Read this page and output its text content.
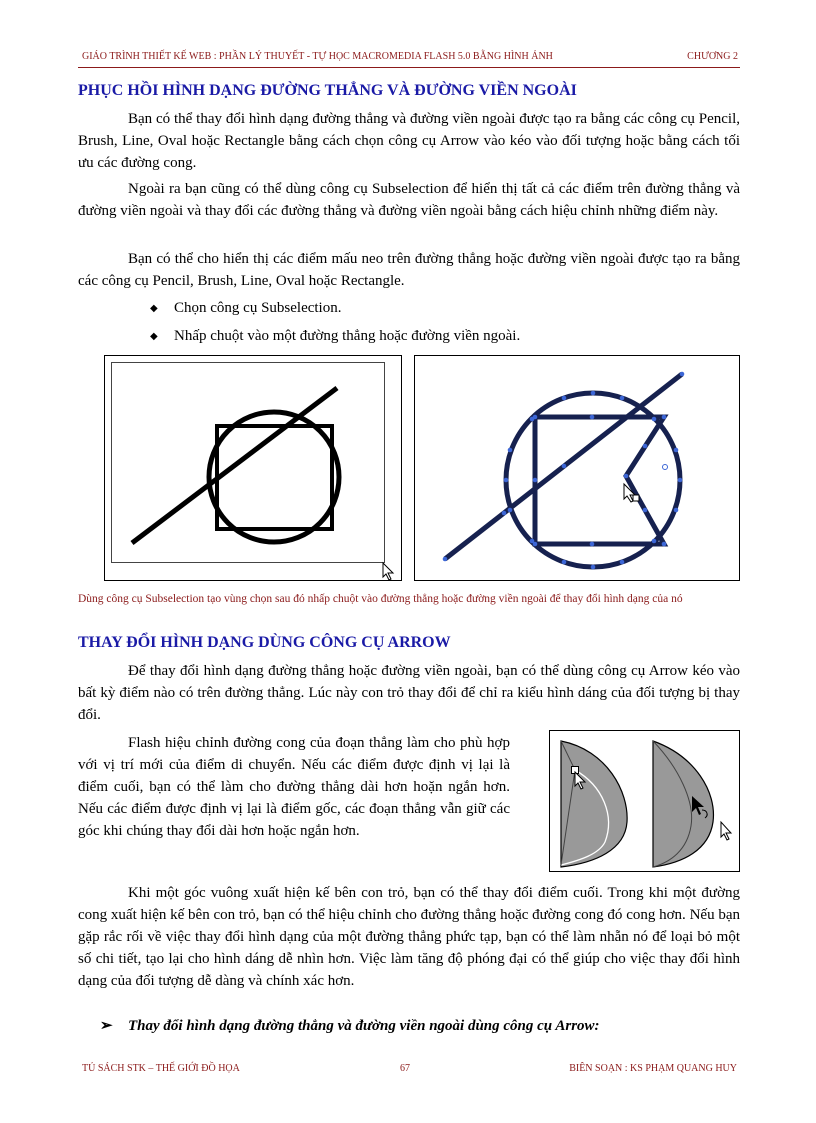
GIÁO TRÌNH THIẾT KẾ WEB : PHẦN LÝ THUYẾT - TỰ HỌC MACROMEDIA FLASH 5.0 BẰNG HÌNH ẢNH	CHƯƠNG 2
PHỤC HỒI HÌNH DẠNG ĐƯỜNG THẲNG VÀ ĐƯỜNG VIỀN NGOÀI

Bạn có thể thay đổi hình dạng đường thẳng và đường viền ngoài được tạo ra bằng các công cụ Pencil, Brush, Line, Oval hoặc Rectangle bằng cách chọn công cụ Arrow vào kéo vào đối tượng hoặc bằng cách tối ưu các đường cong.

Ngoài ra bạn cũng có thể dùng công cụ Subselection để hiển thị tất cả các điểm trên đường thẳng và đường viền ngoài và thay đổi các đường thẳng và đường viền ngoài bằng cách hiệu chỉnh những điểm này.

Bạn có thể cho hiển thị các điểm mấu neo trên đường thẳng hoặc đường viền ngoài được tạo ra bằng các công cụ Pencil, Brush, Line, Oval hoặc Rectangle.

◆ Chọn công cụ Subselection.
◆ Nhấp chuột vào một đường thẳng hoặc đường viền ngoài.

Dùng công cụ Subselection tạo vùng chọn sau đó nhấp chuột vào đường thẳng hoặc đường viền ngoài để thay đổi hình dạng của nó

THAY ĐỔI HÌNH DẠNG DÙNG CÔNG CỤ ARROW

Để thay đổi hình dạng đường thẳng hoặc đường viền ngoài, bạn có thể dùng công cụ Arrow kéo vào bất kỳ điểm nào có trên đường thẳng. Lúc này con trỏ thay đổi để chỉ ra kiểu hình dáng của đối tượng bị thay đổi.

Flash hiệu chỉnh đường cong của đoạn thẳng làm cho phù hợp với vị trí mới của điểm di chuyển. Nếu các điểm được định vị lại là điểm cuối, bạn có thể làm cho đường thẳng dài hơn hoặn ngắn hơn. Nếu các điểm được định vị lại là điểm gốc, các đoạn thẳng vẫn giữ các góc khi chúng thay đổi dài hơn hoặc ngắn hơn.

Khi một góc vuông xuất hiện kế bên con trỏ, bạn có thể thay đổi điểm cuối. Trong khi một đường cong xuất hiện kế bên con trỏ, bạn có thể hiệu chỉnh cho đường thẳng hoặc đường cong đó cong hơn. Nếu bạn gặp rắc rối về việc thay đổi hình dạng của một đường thẳng phức tạp, bạn có thể làm nhẵn nó để loại bỏ một số chi tiết, tạo lại cho hình dáng dễ nhìn hơn. Việc làm tăng độ phóng đại có thể giúp cho việc thay đổi hình dạng của đối tượng dễ dàng và chính xác hơn.

➢ Thay đổi hình dạng đường thẳng và đường viền ngoài dùng công cụ Arrow:
TỦ SÁCH STK – THẾ GIỚI ĐỒ HỌA	67	BIÊN SOẠN : KS PHẠM QUANG HUY
